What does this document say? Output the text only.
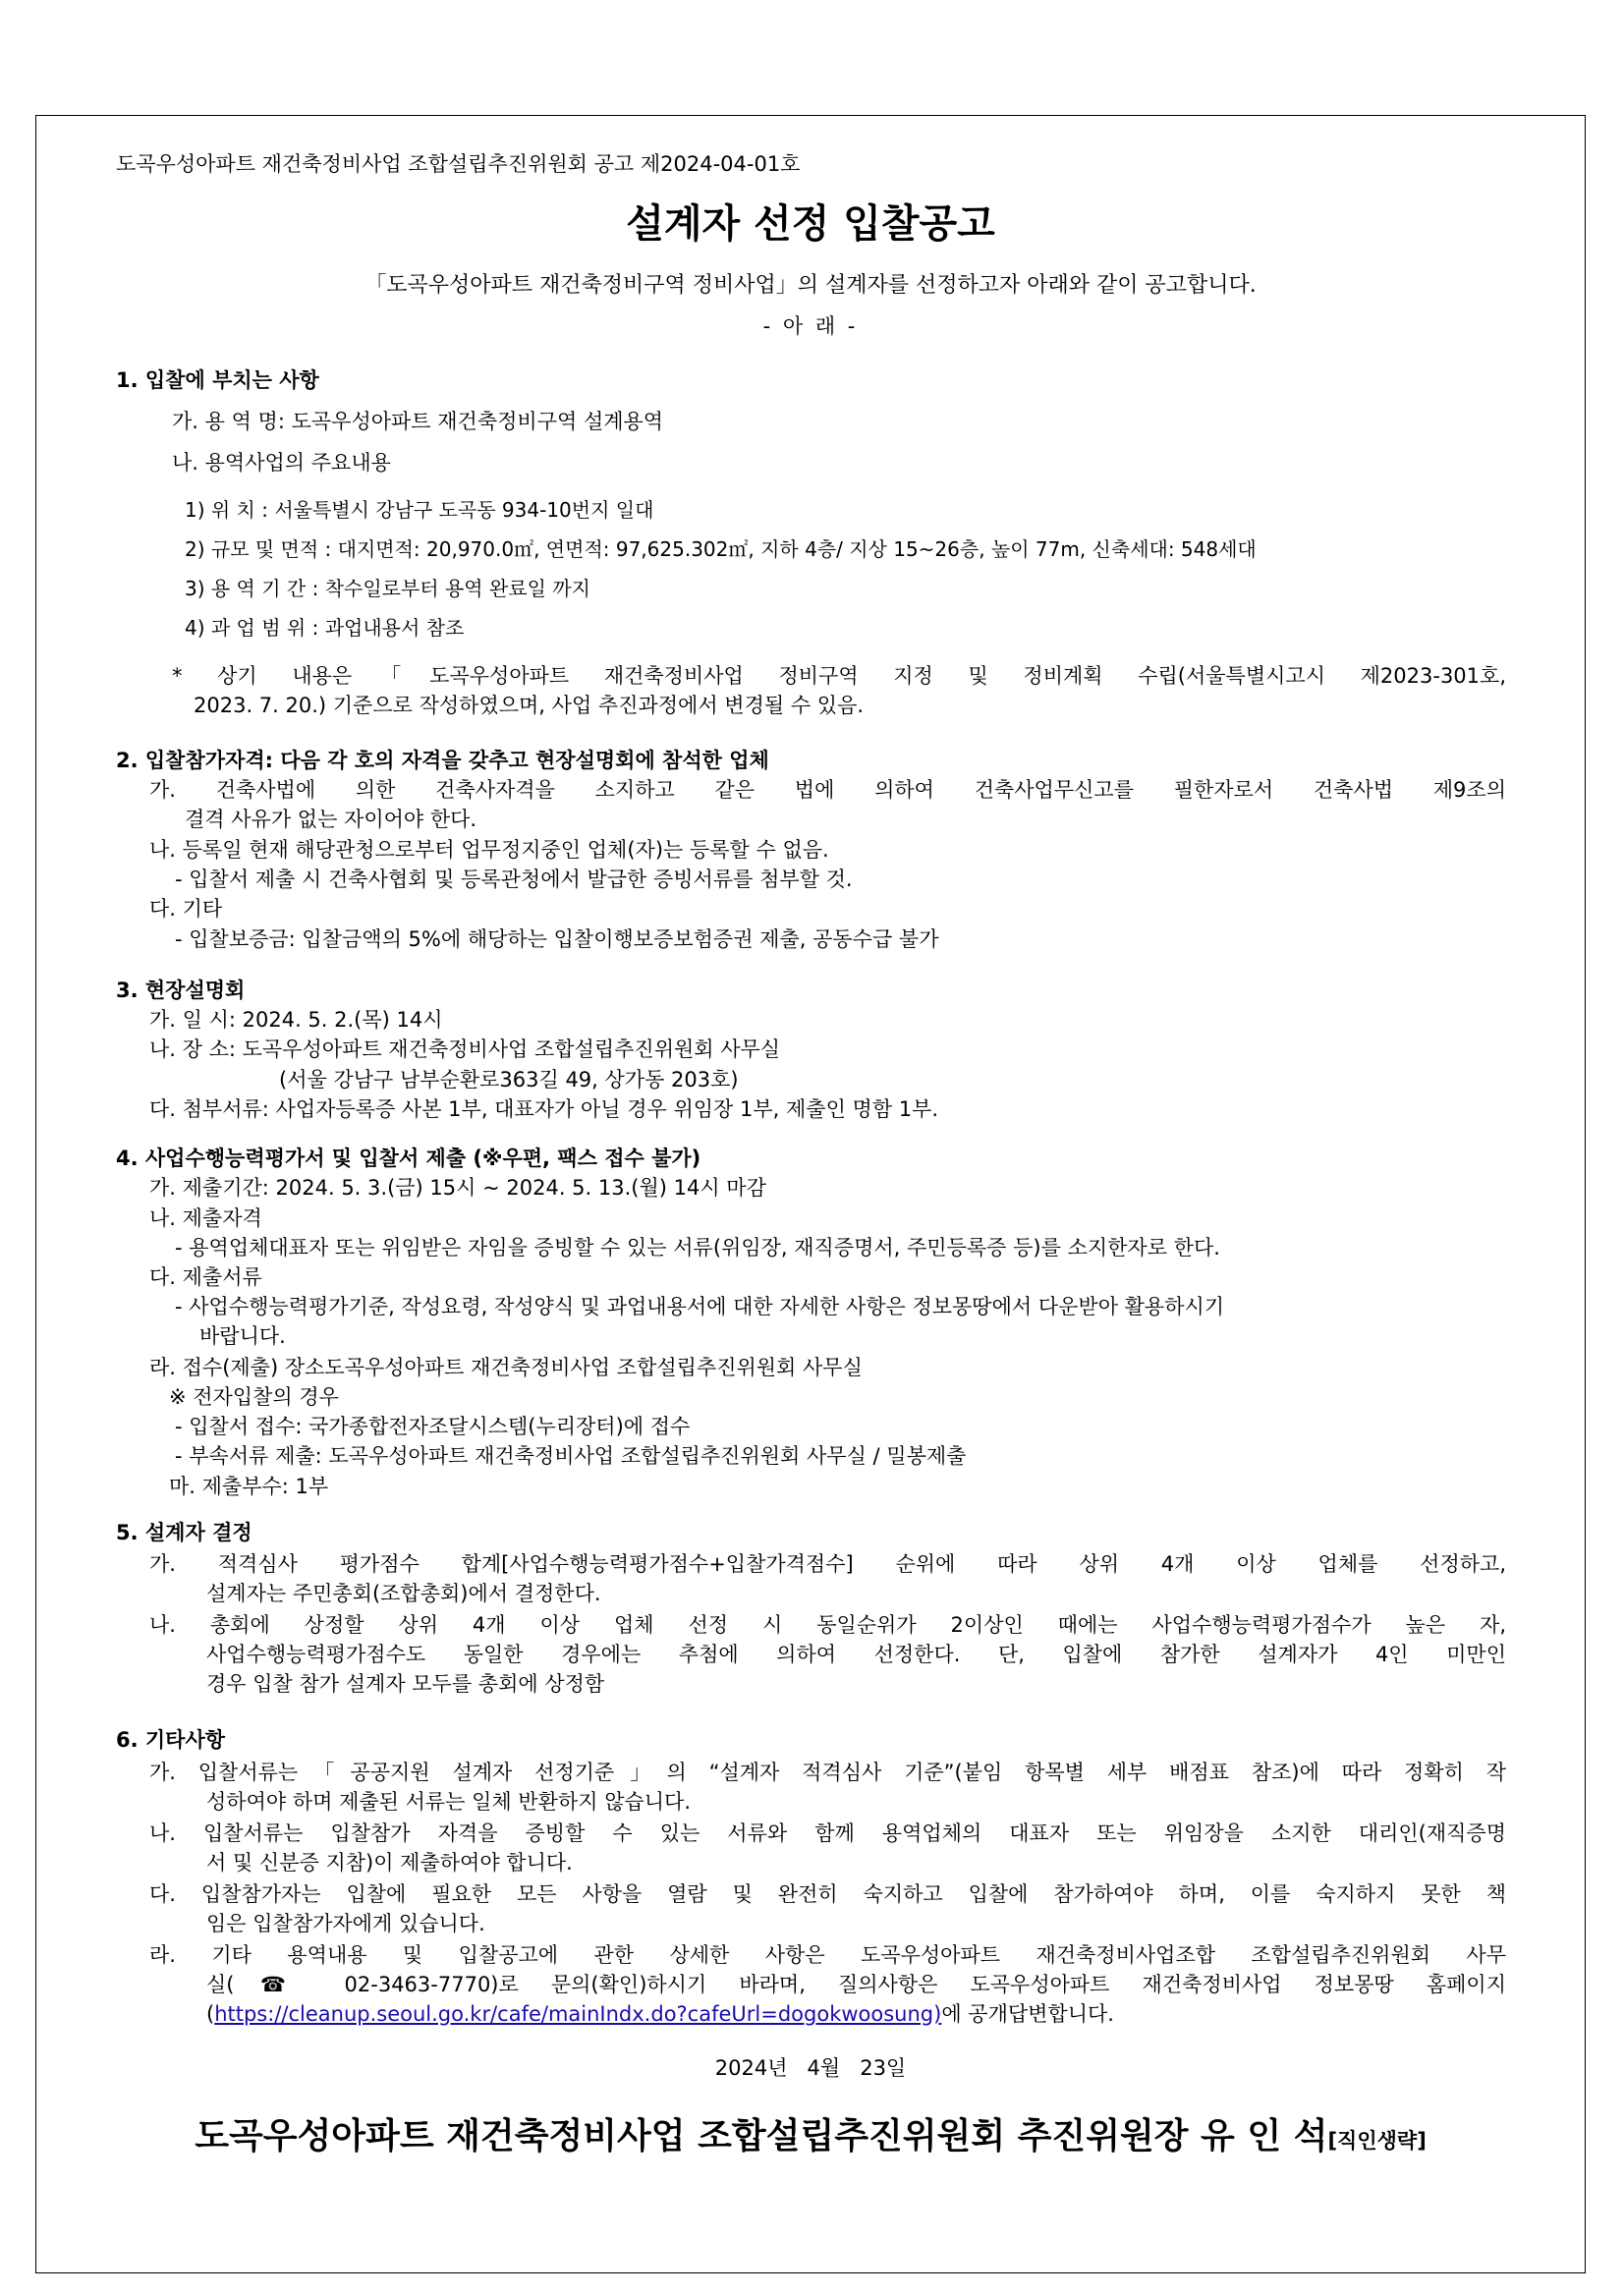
도곡우성아파트 재건축정비사업 조합설립추진위원회 공고 제2024-04-01호
설계자 선정 입찰공고
「도곡우성아파트 재건축정비구역 정비사업」의 설계자를 선정하고자 아래와 같이 공고합니다.
- 아 래 -
1. 입찰에 부치는 사항
가. 용 역 명: 도곡우성아파트 재건축정비구역 설계용역
나. 용역사업의 주요내용
1) 위 치 : 서울특별시 강남구 도곡동 934-10번지 일대
2) 규모 및 면적 : 대지면적: 20,970.0㎡, 연면적: 97,625.302㎡, 지하 4층/ 지상 15~26층, 높이 77m, 신축세대: 548세대
3) 용 역 기 간 : 착수일로부터 용역 완료일 까지
4) 과 업 범 위 : 과업내용서 참조
* 상기 내용은「도곡우성아파트 재건축정비사업 정비구역 지정 및 정비계획 수립(서울특별시고시 제2023-301호,
2023. 7. 20.) 기준으로 작성하였으며, 사업 추진과정에서 변경될 수 있음.
2. 입찰참가자격: 다음 각 호의 자격을 갖추고 현장설명회에 참석한 업체
가. 건축사법에 의한 건축사자격을 소지하고 같은 법에 의하여 건축사업무신고를 필한자로서 건축사법 제9조의
결격 사유가 없는 자이어야 한다.
나. 등록일 현재 해당관청으로부터 업무정지중인 업체(자)는 등록할 수 없음.
- 입찰서 제출 시 건축사협회 및 등록관청에서 발급한 증빙서류를 첨부할 것.
다. 기타
- 입찰보증금: 입찰금액의 5%에 해당하는 입찰이행보증보험증권 제출, 공동수급 불가
3. 현장설명회
가. 일 시: 2024. 5. 2.(목) 14시
나. 장 소: 도곡우성아파트 재건축정비사업 조합설립추진위원회 사무실
(서울 강남구 남부순환로363길 49, 상가동 203호)
다. 첨부서류: 사업자등록증 사본 1부, 대표자가 아닐 경우 위임장 1부, 제출인 명함 1부.
4. 사업수행능력평가서 및 입찰서 제출 (※우편, 팩스 접수 불가)
가. 제출기간: 2024. 5. 3.(금) 15시 ~ 2024. 5. 13.(월) 14시 마감
나. 제출자격
- 용역업체대표자 또는 위임받은 자임을 증빙할 수 있는 서류(위임장, 재직증명서, 주민등록증 등)를 소지한자로 한다.
다. 제출서류
- 사업수행능력평가기준, 작성요령, 작성양식 및 과업내용서에 대한 자세한 사항은 정보몽땅에서 다운받아 활용하시기
바랍니다.
라. 접수(제출) 장소도곡우성아파트 재건축정비사업 조합설립추진위원회 사무실
※ 전자입찰의 경우
- 입찰서 접수: 국가종합전자조달시스템(누리장터)에 접수
- 부속서류 제출: 도곡우성아파트 재건축정비사업 조합설립추진위원회 사무실 / 밀봉제출
마. 제출부수: 1부
5. 설계자 결정
가. 적격심사 평가점수 합계[사업수행능력평가점수+입찰가격점수] 순위에 따라 상위 4개 이상 업체를 선정하고,
설계자는 주민총회(조합총회)에서 결정한다.
나. 총회에 상정할 상위 4개 이상 업체 선정 시 동일순위가 2이상인 때에는 사업수행능력평가점수가 높은 자,
사업수행능력평가점수도 동일한 경우에는 추첨에 의하여 선정한다. 단, 입찰에 참가한 설계자가 4인 미만인
경우 입찰 참가 설계자 모두를 총회에 상정함
6. 기타사항
가. 입찰서류는「공공지원 설계자 선정기준」의 “설계자 적격심사 기준”(붙임 항목별 세부 배점표 참조)에 따라 정확히 작
성하여야 하며 제출된 서류는 일체 반환하지 않습니다.
나. 입찰서류는 입찰참가 자격을 증빙할 수 있는 서류와 함께 용역업체의 대표자 또는 위임장을 소지한 대리인(재직증명
서 및 신분증 지참)이 제출하여야 합니다.
다. 입찰참가자는 입찰에 필요한 모든 사항을 열람 및 완전히 숙지하고 입찰에 참가하여야 하며, 이를 숙지하지 못한 책
임은 입찰참가자에게 있습니다.
라. 기타 용역내용 및 입찰공고에 관한 상세한 사항은 도곡우성아파트 재건축정비사업조합 조합설립추진위원회 사무
실(☎ 02-3463-7770)로 문의(확인)하시기 바라며, 질의사항은 도곡우성아파트 재건축정비사업 정보몽땅 홈페이지
(https://cleanup.seoul.go.kr/cafe/mainIndx.do?cafeUrl=dogokwoosung)에 공개답변합니다.
2024년   4월   23일
도곡우성아파트 재건축정비사업 조합설립추진위원회 추진위원장 유 인 석[직인생략]
